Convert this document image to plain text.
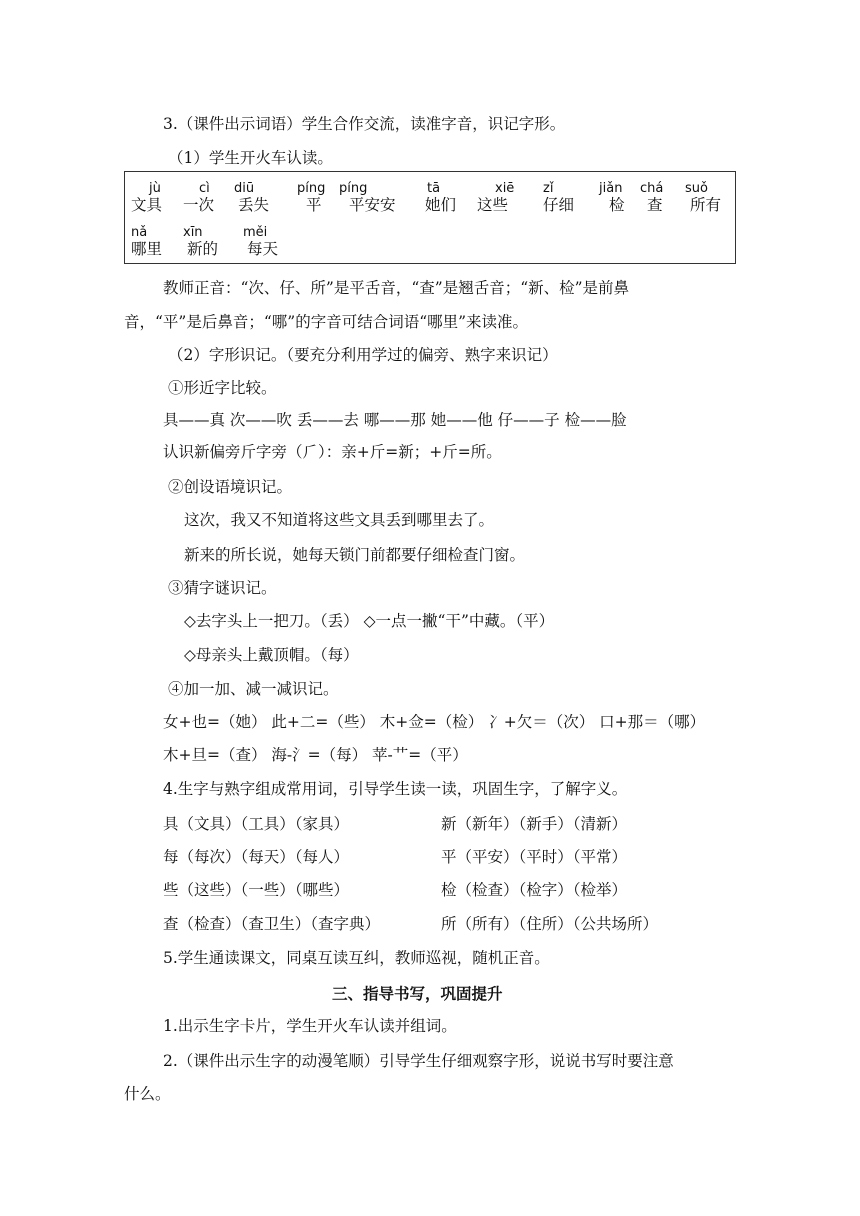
3.（课件出示词语）学生合作交流，读准字音，识记字形。
（1）学生开火车认读。
jù	cì diū	píng píng	tā	xiē zǐ	jiǎn chá suǒ
文具 一次 丢失 平 平安安 她们 这些 仔细 检 查 所有
nǎ	xīn	měi
哪里 新的 每天
教师正音：“次、仔、所”是平舌音，“查”是翘舌音；“新、检”是前鼻
音，“平”是后鼻音；“哪”的字音可结合词语“哪里”来读准。
（2）字形识记。（要充分利用学过的偏旁、熟字来识记）
①形近字比较。
具——真 次——吹 丢——去 哪——那 她——他 仔——子 检——脸
认识新偏旁斤字旁（⺁）：亲+斤=新；+斤=所。
②创设语境识记。
这次，我又不知道将这些文具丢到哪里去了。
新来的所长说，她每天锁门前都要仔细检查门窗。
③猜字谜识记。
◇去字头上一把刀。（丢） ◇一点一撇“干”中藏。（平）
◇母亲头上戴顶帽。（每）
④加一加、减一减识记。
女+也=（她） 此+二=（些） 木+佥=（检） 冫+欠＝（次） 口+那＝（哪）
木+旦=（查） 海-氵=（每） 苹-艹=（平）
4.生字与熟字组成常用词，引导学生读一读，巩固生字，了解字义。
具（文具）（工具）（家具）	新（新年）（新手）（清新）
每（每次）（每天）（每人）	平（平安）（平时）（平常）
些（这些）（一些）（哪些）	检（检查）（检字）（检举）
查（检查）（查卫生）（查字典）	所（所有）（住所）（公共场所）
5.学生通读课文，同桌互读互纠，教师巡视，随机正音。
三、指导书写，巩固提升
1.出示生字卡片，学生开火车认读并组词。
2.（课件出示生字的动漫笔顺）引导学生仔细观察字形，说说书写时要注意
什么。
